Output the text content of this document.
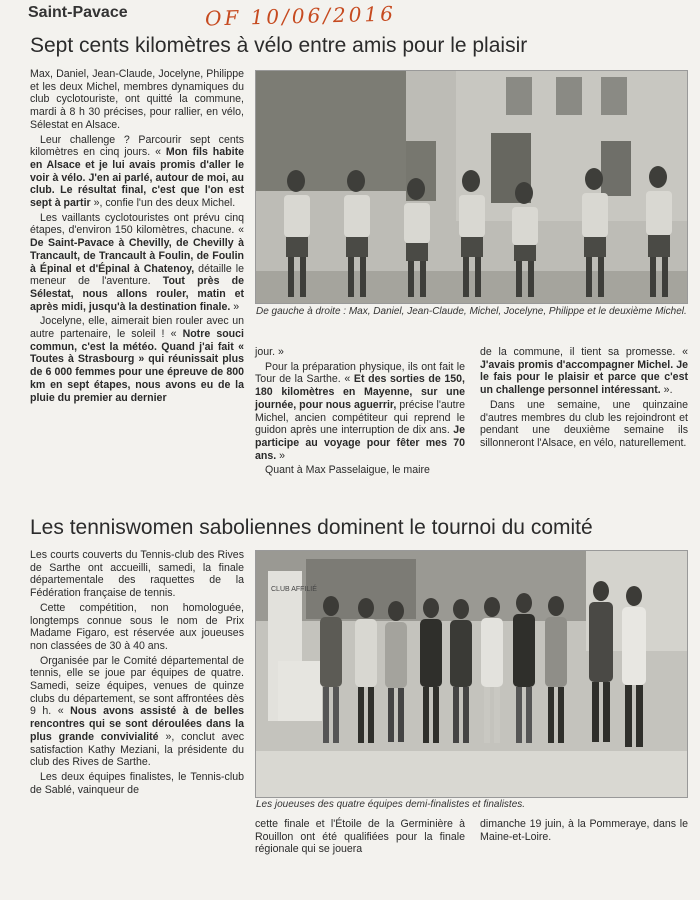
Saint-Pavace	OF 10/06/2016
Sept cents kilomètres à vélo entre amis pour le plaisir

Max, Daniel, Jean-Claude, Jocelyne, Philippe et les deux Michel, membres dynamiques du club cyclotouriste, ont quitté la commune, mardi à 8 h 30 précises, pour rallier, en vélo, Sélestat en Alsace.

Leur challenge ? Parcourir sept cents kilomètres en cinq jours. « Mon fils habite en Alsace et je lui avais promis d'aller le voir à vélo. J'en ai parlé, autour de moi, au club. Le résultat final, c'est que l'on est sept à partir », confie l'un des deux Michel.

Les vaillants cyclotouristes ont prévu cinq étapes, d'environ 150 kilomètres, chacune. « De Saint-Pavace à Chevilly, de Chevilly à Trancault, de Trancault à Foulin, de Foulin à Épinal et d'Épinal à Chatenoy, détaille le meneur de l'aventure. Tout près de Sélestat, nous allons rouler, matin et après midi, jusqu'à la destination finale. »

Jocelyne, elle, aimerait bien rouler avec un autre partenaire, le soleil ! « Notre souci commun, c'est la météo. Quand j'ai fait « Toutes à Strasbourg » qui réunissait plus de 6 000 femmes pour une épreuve de 800 km en sept étapes, nous avons eu de la pluie du premier au dernier

De gauche à droite : Max, Daniel, Jean-Claude, Michel, Jocelyne, Philippe et le deuxième Michel.

jour. »

Pour la préparation physique, ils ont fait le Tour de la Sarthe. « Et des sorties de 150, 180 kilomètres en Mayenne, sur une journée, pour nous aguerrir, précise l'autre Michel, ancien compétiteur qui reprend le guidon après une interruption de dix ans. Je participe au voyage pour fêter mes 70 ans. »

Quant à Max Passelaigue, le maire

de la commune, il tient sa promesse. « J'avais promis d'accompagner Michel. Je le fais pour le plaisir et parce que c'est un challenge personnel intéressant. ».

Dans une semaine, une quinzaine d'autres membres du club les rejoindront et pendant une deuxième semaine ils sillonneront l'Alsace, en vélo, naturellement.

Les tenniswomen saboliennes dominent le tournoi du comité

Les courts couverts du Tennis-club des Rives de Sarthe ont accueilli, samedi, la finale départementale des raquettes de la Fédération française de tennis.

Cette compétition, non homologuée, longtemps connue sous le nom de Prix Madame Figaro, est réservée aux joueuses non classées de 30 à 40 ans.

Organisée par le Comité départemental de tennis, elle se joue par équipes de quatre. Samedi, seize équipes, venues de quinze clubs du département, se sont affrontées dès 9 h. « Nous avons assisté à de belles rencontres qui se sont déroulées dans la plus grande convivialité », conclut avec satisfaction Kathy Meziani, la présidente du club des Rives de Sarthe.

Les deux équipes finalistes, le Tennis-club de Sablé, vainqueur de

CLUB AFFILIÉ
Les joueuses des quatre équipes demi-finalistes et finalistes.

cette finale et l'Étoile de la Germinière à Rouillon ont été qualifiées pour la finale régionale qui se jouera

dimanche 19 juin, à la Pommeraye, dans le Maine-et-Loire.
